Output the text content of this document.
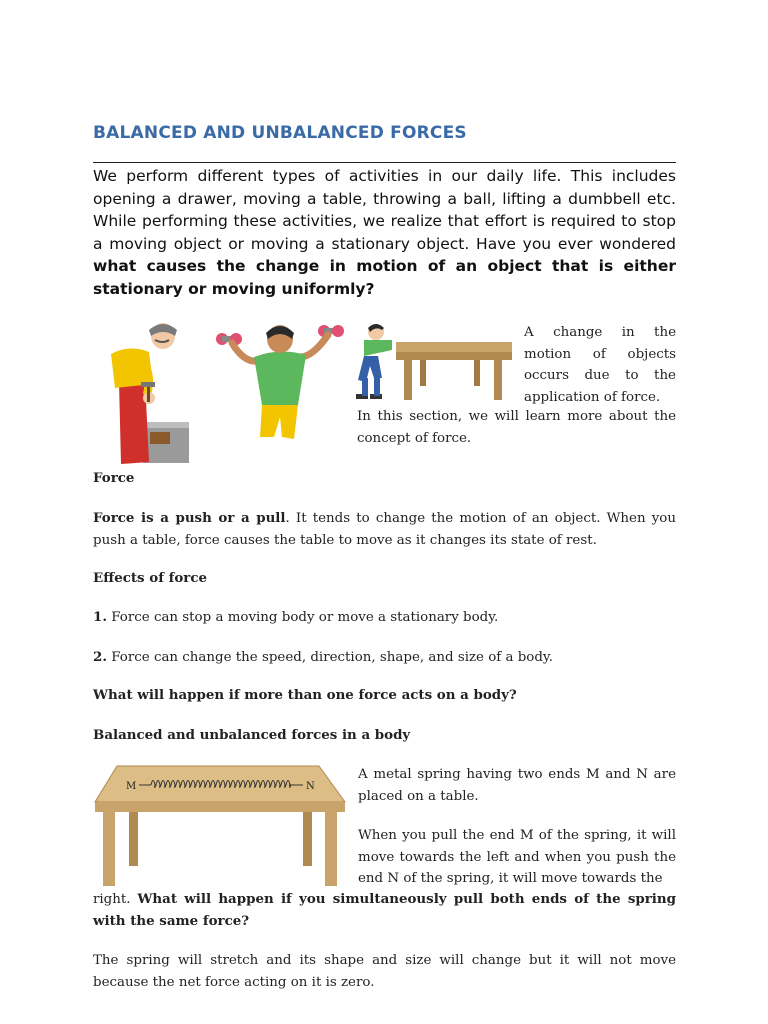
BALANCED AND UNBALANCED FORCES
We perform different types of activities in our daily life. This includes opening a drawer, moving a table, throwing a ball, lifting a dumbbell etc. While performing these activities, we realize that effort is required to stop a moving object or moving a stationary object. Have you ever wondered what causes the change in motion of an object that is either stationary or moving uniformly?
A change in the motion of objects occurs due to the application of force.
In this section, we will learn more about the concept of force.
Force
Force is a push or a pull. It tends to change the motion of an object. When you push a table, force causes the table to move as it changes its state of rest.
Effects of force
1. Force can stop a moving body or move a stationary body.
2. Force can change the speed, direction, shape, and size of a body.
What will happen if more than one force acts on a body?
Balanced and unbalanced forces in a body
M	N
A metal spring having two ends M and N are placed on a table.
When you pull the end M of the spring, it will move towards the left and when you push the end N of the spring, it will move towards the
right. What will happen if you simultaneously pull both ends of the spring with the same force?
The spring will stretch and its shape and size will change but it will not move because the net force acting on it is zero.
